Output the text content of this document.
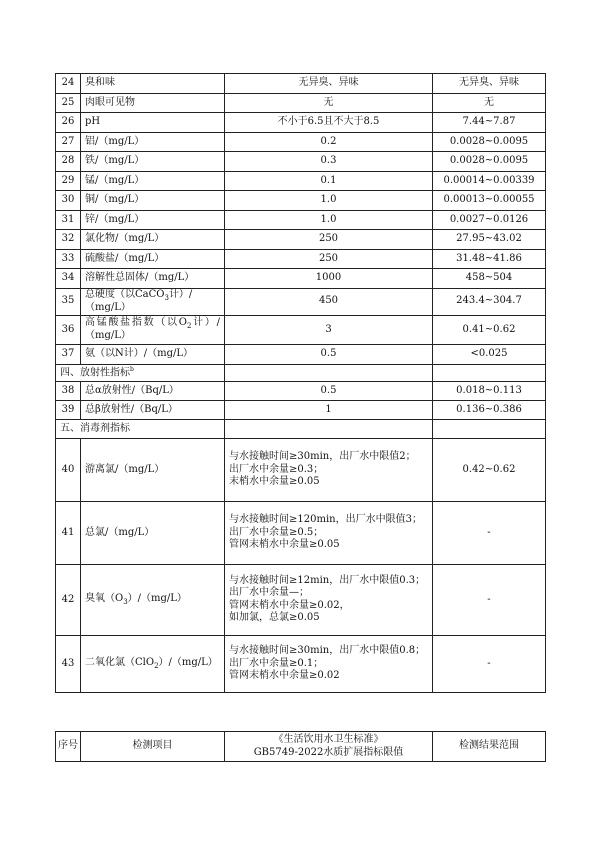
24	臭和味	无异臭、异味	无异臭、异味
25	肉眼可见物	无	无
26	pH	不小于6.5且不大于8.5	7.44~7.87
27	铝/（mg/L）	0.2	0.0028~0.0095
28	铁/（mg/L）	0.3	0.0028~0.0095
29	锰/（mg/L）	0.1	0.00014~0.00339
30	铜/（mg/L）	1.0	0.00013~0.00055
31	锌/（mg/L）	1.0	0.0027~0.0126
32	氯化物/（mg/L）	250	27.95~43.02
33	硫酸盐/（mg/L）	250	31.48~41.86
34	溶解性总固体/（mg/L）	1000	458~504
35	总硬度（以CaCO$_3$计）/（mg/L）	450	243.4~304.7
36	高锰酸盐指数（以$O_2$计）/（mg/L）	3	0.41~0.62
37	氨（以N计）/（mg/L）	0.5	<0.025
四、放射性指标$^b$		
38	总α放射性/（Bq/L）	0.5	0.018~0.113
39	总β放射性/（Bq/L）	1	0.136~0.386
五、消毒剂指标			
40	游离氯/（mg/L）	与水接触时间≥30min，出厂水中限值2；
出厂水中余量≥0.3；
末梢水中余量≥0.05	0.42~0.62
41	总氯/（mg/L）	与水接触时间≥120min，出厂水中限值3；
出厂水中余量≥0.5；
管网末梢水中余量≥0.05	-
42	臭氧$(O_3)/(mg/L)$	与水接触时间≥12min，出厂水中限值0.3；
出厂水中余量—；
管网末梢水中余量≥0.02，
如加氯，总氯≥0.05	-
43	二氧化氯（ClO$_2$）/（mg/L）	与水接触时间≥30min，出厂水中限值0.8；
出厂水中余量≥0.1；
管网末梢水中余量≥0.02	-
序号	检测项目	《生活饮用水卫生标准》
GB5749-2022水质扩展指标限值	检测结果范围
